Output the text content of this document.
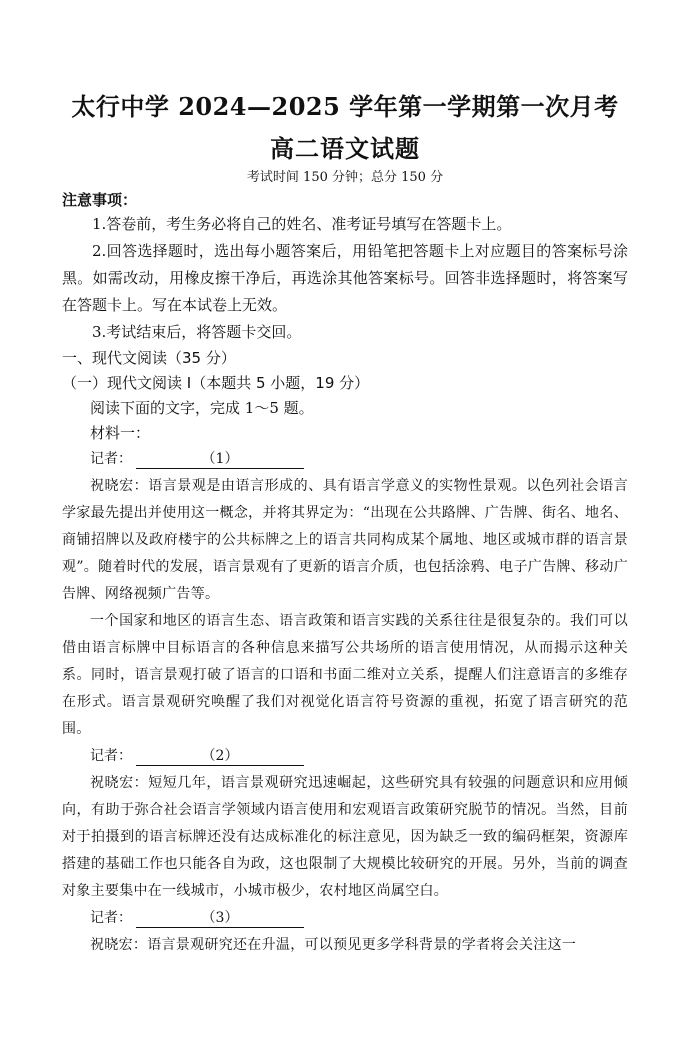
太行中学 2024—2025 学年第一学期第一次月考
高二语文试题
考试时间 150 分钟；总分 150 分
注意事项：
1.答卷前，考生务必将自己的姓名、准考证号填写在答题卡上。
2.回答选择题时，选出每小题答案后，用铅笔把答题卡上对应题目的答案标号涂黑。如需改动，用橡皮擦干净后，再选涂其他答案标号。回答非选择题时，将答案写在答题卡上。写在本试卷上无效。
3.考试结束后，将答题卡交回。
一、现代文阅读（35 分）
（一）现代文阅读 I（本题共 5 小题，19 分）
阅读下面的文字，完成 1～5 题。
材料一：
记者：	（1）
祝晓宏：语言景观是由语言形成的、具有语言学意义的实物性景观。以色列社会语言学家最先提出并使用这一概念，并将其界定为：“出现在公共路牌、广告牌、街名、地名、商铺招牌以及政府楼宇的公共标牌之上的语言共同构成某个属地、地区或城市群的语言景观”。随着时代的发展，语言景观有了更新的语言介质，也包括涂鸦、电子广告牌、移动广告牌、网络视频广告等。
一个国家和地区的语言生态、语言政策和语言实践的关系往往是很复杂的。我们可以借由语言标牌中目标语言的各种信息来描写公共场所的语言使用情况，从而揭示这种关系。同时，语言景观打破了语言的口语和书面二维对立关系，提醒人们注意语言的多维存在形式。语言景观研究唤醒了我们对视觉化语言符号资源的重视，拓宽了语言研究的范围。
记者：	（2）
祝晓宏：短短几年，语言景观研究迅速崛起，这些研究具有较强的问题意识和应用倾向，有助于弥合社会语言学领域内语言使用和宏观语言政策研究脱节的情况。当然，目前对于拍摄到的语言标牌还没有达成标准化的标注意见，因为缺乏一致的编码框架，资源库搭建的基础工作也只能各自为政，这也限制了大规模比较研究的开展。另外，当前的调查对象主要集中在一线城市，小城市极少，农村地区尚属空白。
记者：	（3）
祝晓宏：语言景观研究还在升温，可以预见更多学科背景的学者将会关注这一
